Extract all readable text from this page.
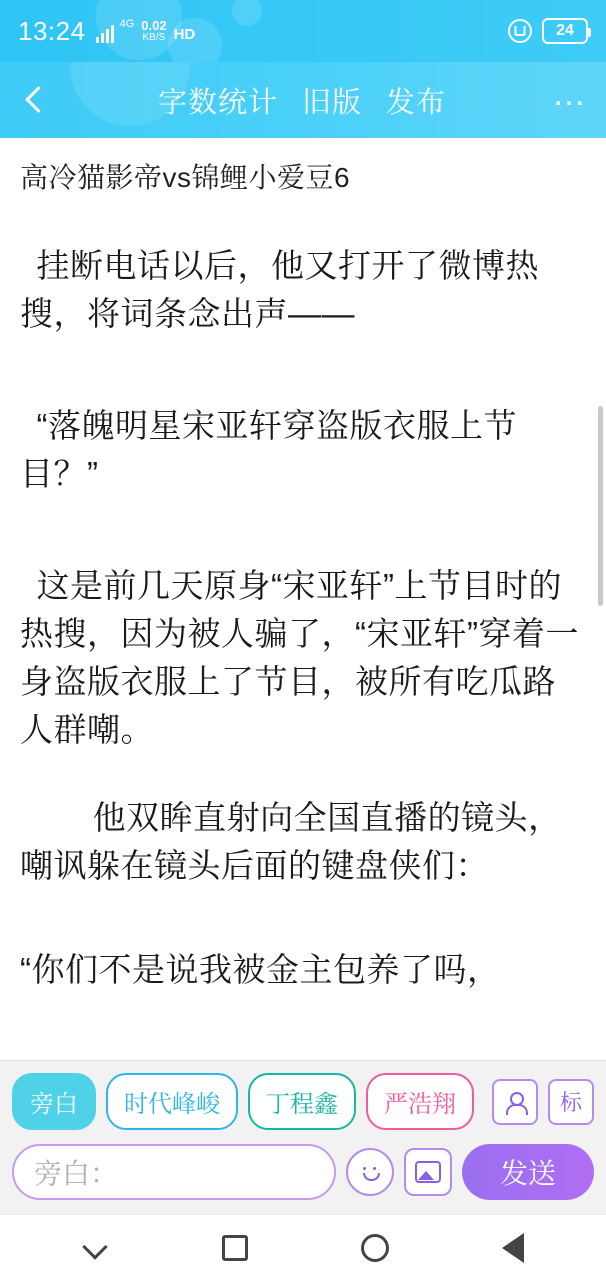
13:24	4G 0.02
KB/S HD	24
字数统计 旧版 发布	…
高冷猫影帝vs锦鲤小爱豆6
挂断电话以后，他又打开了微博热搜，将词条念出声——
“落魄明星宋亚轩穿盗版衣服上节目？”
这是前几天原身“宋亚轩”上节目时的热搜，因为被人骗了，“宋亚轩”穿着一身盗版衣服上了节目，被所有吃瓜路人群嘲。
他双眸直射向全国直播的镜头，嘲讽躲在镜头后面的键盘侠们：
“你们不是说我被金主包养了吗，
旁白	时代峰峻	丁程鑫	严浩翔	标
旁白：	发送
